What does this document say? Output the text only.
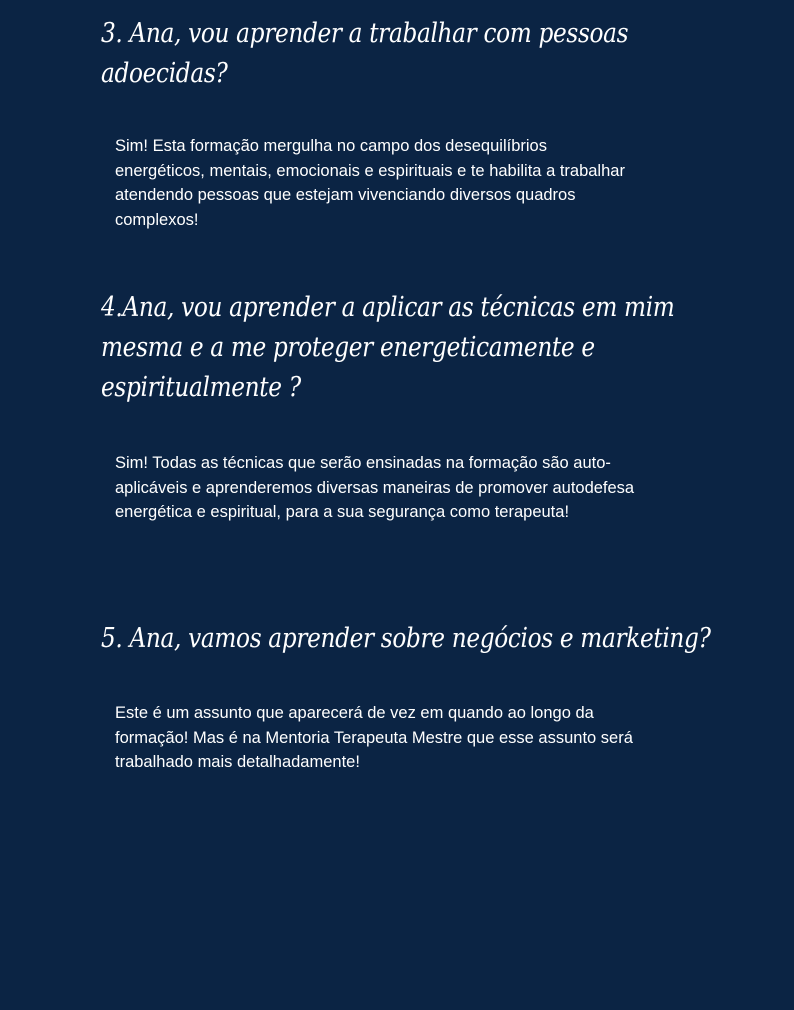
3. Ana, vou aprender a trabalhar com pessoas
adoecidas?

Sim! Esta formação mergulha no campo dos desequilíbrios
energéticos, mentais, emocionais e espirituais e te habilita a trabalhar
atendendo pessoas que estejam vivenciando diversos quadros
complexos!

4.Ana, vou aprender a aplicar as técnicas em mim
mesma e a me proteger energeticamente e
espiritualmente ?

Sim! Todas as técnicas que serão ensinadas na formação são auto-
aplicáveis e aprenderemos diversas maneiras de promover autodefesa
energética e espiritual, para a sua segurança como terapeuta!

5. Ana, vamos aprender sobre negócios e marketing?

Este é um assunto que aparecerá de vez em quando ao longo da
formação! Mas é na Mentoria Terapeuta Mestre que esse assunto será
trabalhado mais detalhadamente!
